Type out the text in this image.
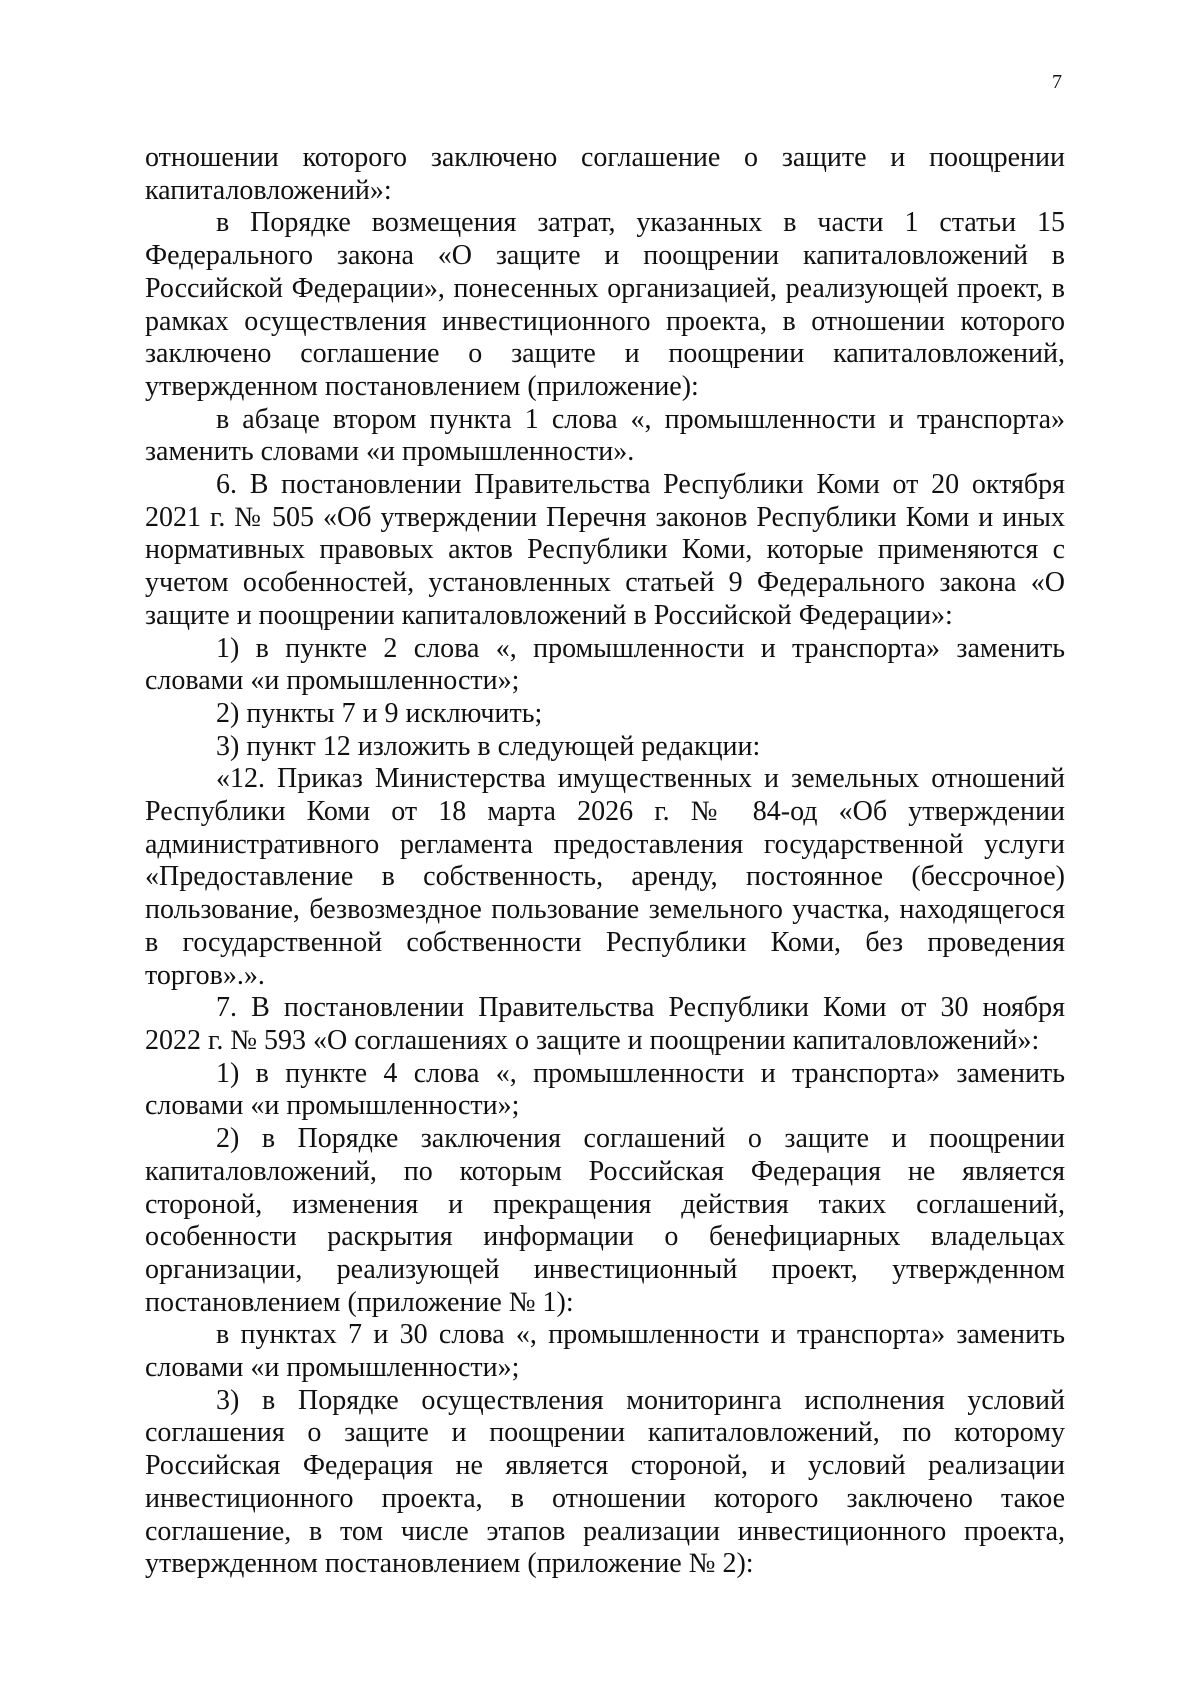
7

отношении которого заключено соглашение о защите и поощрении капиталовложений»:

в Порядке возмещения затрат, указанных в части 1 статьи 15 Федерального закона «О защите и поощрении капиталовложений в Российской Федерации», понесенных организацией, реализующей проект, в рамках осуществления инвестиционного проекта, в отношении которого заключено соглашение о защите и поощрении капиталовложений, утвержденном постановлением (приложение):

в абзаце втором пункта 1 слова «, промышленности и транспорта» заменить словами «и промышленности».

6. В постановлении Правительства Республики Коми от 20 октября 2021 г. № 505 «Об утверждении Перечня законов Республики Коми и иных нормативных правовых актов Республики Коми, которые применяются с учетом особенностей, установленных статьей 9 Федерального закона «О защите и поощрении капиталовложений в Российской Федерации»:

1) в пункте 2 слова «, промышленности и транспорта» заменить словами «и промышленности»;

2) пункты 7 и 9 исключить;

3) пункт 12 изложить в следующей редакции:

«12. Приказ Министерства имущественных и земельных отношений Республики Коми от 18 марта 2026 г. № 84-од «Об утверждении административного регламента предоставления государственной услуги «Предоставление в собственность, аренду, постоянное (бессрочное) пользование, безвозмездное пользование земельного участка, находящегося в государственной собственности Республики Коми, без проведения торгов».».

7. В постановлении Правительства Республики Коми от 30 ноября 2022 г. № 593 «О соглашениях о защите и поощрении капиталовложений»:

1) в пункте 4 слова «, промышленности и транспорта» заменить словами «и промышленности»;

2) в Порядке заключения соглашений о защите и поощрении капиталовложений, по которым Российская Федерация не является стороной, изменения и прекращения действия таких соглашений, особенности раскрытия информации о бенефициарных владельцах организации, реализующей инвестиционный проект, утвержденном постановлением (приложение № 1):

в пунктах 7 и 30 слова «, промышленности и транспорта» заменить словами «и промышленности»;

3) в Порядке осуществления мониторинга исполнения условий соглашения о защите и поощрении капиталовложений, по которому Российская Федерация не является стороной, и условий реализации инвестиционного проекта, в отношении которого заключено такое соглашение, в том числе этапов реализации инвестиционного проекта, утвержденном постановлением (приложение № 2):
